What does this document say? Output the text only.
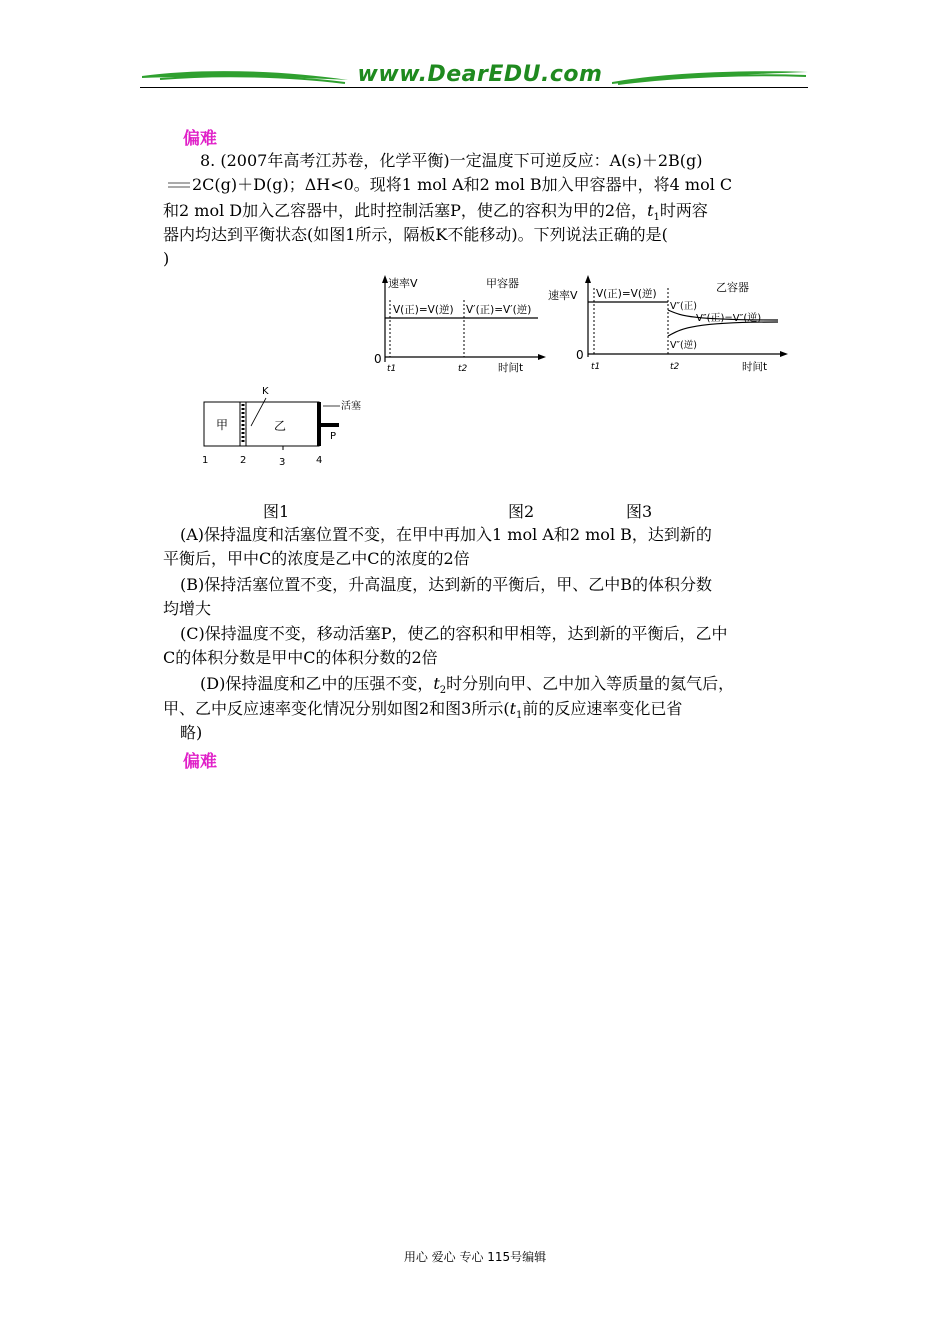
www.DearEDU.com
偏难
8. (2007年高考江苏卷，化学平衡)一定温度下可逆反应：A(s)＋2B(g)
2C(g)＋D(g)；ΔH<0。现将1 mol A和2 mol B加入甲容器中，将4 mol C
和2 mol D加入乙容器中，此时控制活塞P，使乙的容积为甲的2倍，$t_1$时两容
器内均达到平衡状态(如图1所示，隔板K不能移动)。下列说法正确的是(
)
速率V	甲容器
V(正)=V(逆) V′(正)=V′(逆)
0
t1	t2	时间t
速率V
乙容器
V(正)=V(逆)
V″(正)
V″(正)=V″(逆)
V″(逆)
0
t1	t2	时间t
K
活塞
甲	乙
P
1	2	3	4
图1	图2	图3
(A)保持温度和活塞位置不变，在甲中再加入1 mol A和2 mol B，达到新的
平衡后，甲中C的浓度是乙中C的浓度的2倍
(B)保持活塞位置不变，升高温度，达到新的平衡后，甲、乙中B的体积分数
均增大
(C)保持温度不变，移动活塞P，使乙的容积和甲相等，达到新的平衡后，乙中
C的体积分数是甲中C的体积分数的2倍
(D)保持温度和乙中的压强不变，$t_2$时分别向甲、乙中加入等质量的氦气后，
甲、乙中反应速率变化情况分别如图2和图3所示($t_1$前的反应速率变化已省
略)
偏难
用心 爱心 专心 115号编辑
